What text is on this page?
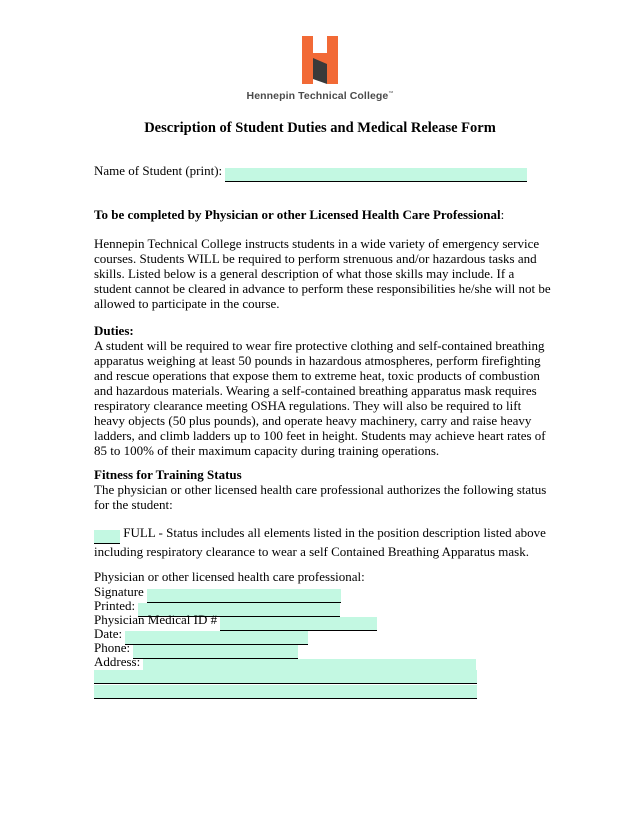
Hennepin Technical College™
Description of Student Duties and Medical Release Form
Name of Student (print):
To be completed by Physician or other Licensed Health Care Professional:
Hennepin Technical College instructs students in a wide variety of emergency service courses. Students WILL be required to perform strenuous and/or hazardous tasks and skills. Listed below is a general description of what those skills may include. If a student cannot be cleared in advance to perform these responsibilities he/she will not be allowed to participate in the course.
Duties:
A student will be required to wear fire protective clothing and self-contained breathing apparatus weighing at least 50 pounds in hazardous atmospheres, perform firefighting and rescue operations that expose them to extreme heat, toxic products of combustion and hazardous materials. Wearing a self-contained breathing apparatus mask requires respiratory clearance meeting OSHA regulations. They will also be required to lift heavy objects (50 plus pounds), and operate heavy machinery, carry and raise heavy ladders, and climb ladders up to 100 feet in height. Students may achieve heart rates of 85 to 100% of their maximum capacity during training operations.
Fitness for Training Status
The physician or other licensed health care professional authorizes the following status for the student:
FULL - Status includes all elements listed in the position description listed above including respiratory clearance to wear a self Contained Breathing Apparatus mask.
Physician or other licensed health care professional:
Signature
Printed:
Physician Medical ID #
Date:
Phone:
Address:
